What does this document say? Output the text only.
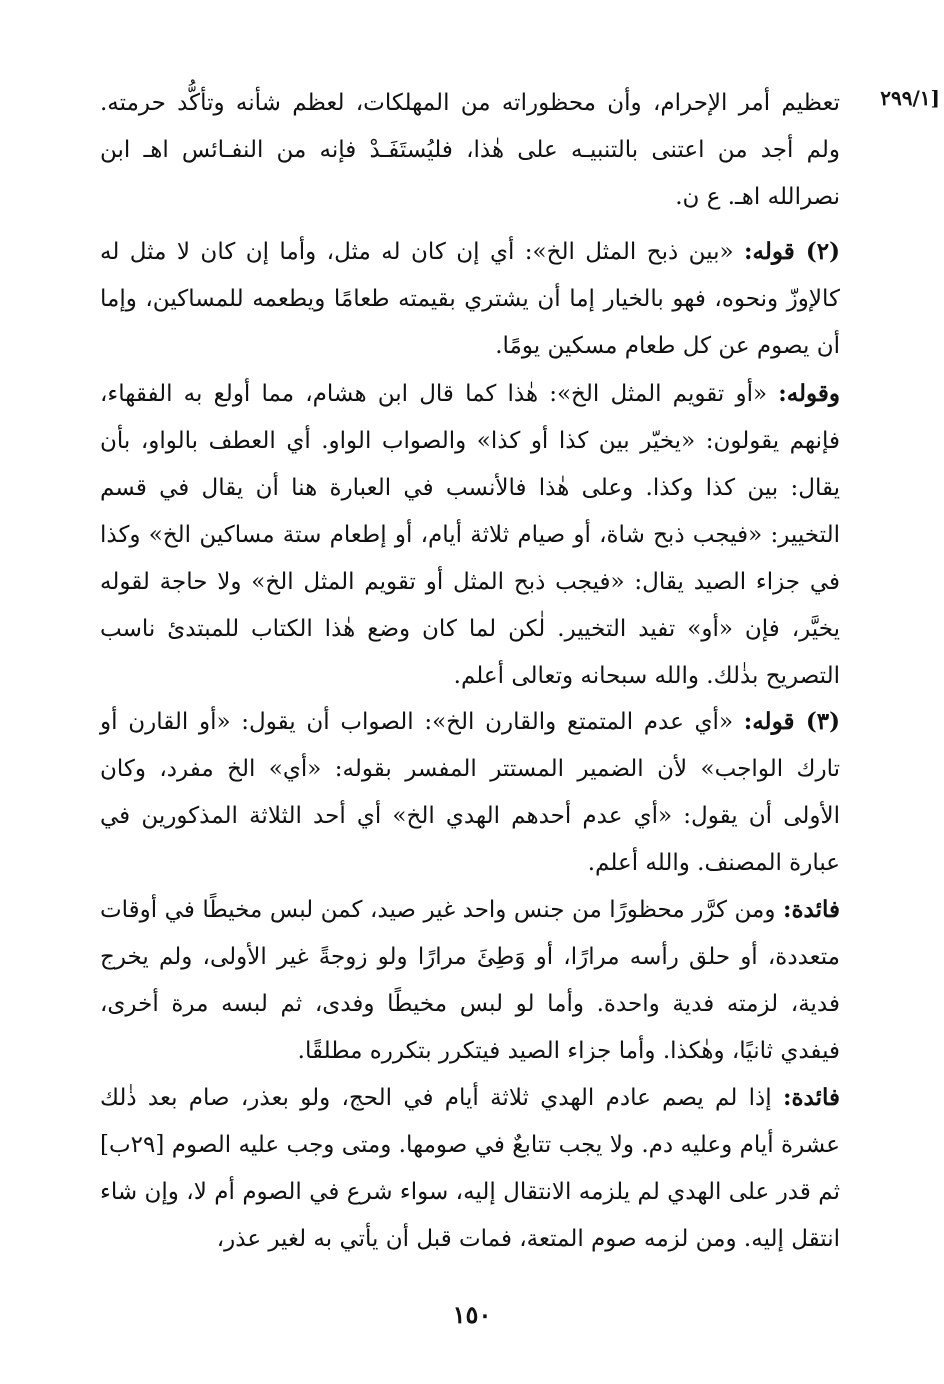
[٢٩٩/١

تعظيم أمر الإحرام، وأن محظوراته من المهلكات، لعظم شأنه وتأكُّد حرمته. ولم أجد من اعتنى بالتنبيـه على هٰذا، فليُستَفَـدْ فإنه من النفـائس اهـ ابن نصرالله اهـ. ع ن.

(٢) قوله: «بين ذبح المثل الخ»: أي إن كان له مثل، وأما إن كان لا مثل له كالإوزّ ونحوه، فهو بالخيار إما أن يشتري بقيمته طعامًا ويطعمه للمساكين، وإما أن يصوم عن كل طعام مسكين يومًا.

وقوله: «أو تقويم المثل الخ»: هٰذا كما قال ابن هشام، مما أولع به الفقهاء، فإنهم يقولون: «يخيّر بين كذا أو كذا» والصواب الواو. أي العطف بالواو، بأن يقال: بين كذا وكذا. وعلى هٰذا فالأنسب في العبارة هنا أن يقال في قسم التخيير: «فيجب ذبح شاة، أو صيام ثلاثة أيام، أو إطعام ستة مساكين الخ» وكذا في جزاء الصيد يقال: «فيجب ذبح المثل أو تقويم المثل الخ» ولا حاجة لقوله يخيَّر، فإن «أو» تفيد التخيير. لٰكن لما كان وضع هٰذا الكتاب للمبتدئ ناسب التصريح بذٰلك. والله سبحانه وتعالى أعلم.

(٣) قوله: «أي عدم المتمتع والقارن الخ»: الصواب أن يقول: «أو القارن أو تارك الواجب» لأن الضمير المستتر المفسر بقوله: «أي» الخ مفرد، وكان الأولى أن يقول: «أي عدم أحدهم الهدي الخ» أي أحد الثلاثة المذكورين في عبارة المصنف. والله أعلم.

فائدة: ومن كرَّر محظورًا من جنس واحد غير صيد، كمن لبس مخيطًا في أوقات متعددة، أو حلق رأسه مرارًا، أو وَطِئَ مرارًا ولو زوجةً غير الأولى، ولم يخرج فدية، لزمته فدية واحدة. وأما لو لبس مخيطًا وفدى، ثم لبسه مرة أخرى، فيفدي ثانيًا، وهٰكذا. وأما جزاء الصيد فيتكرر بتكرره مطلقًا.

فائدة: إذا لم يصم عادم الهدي ثلاثة أيام في الحج، ولو بعذر، صام بعد ذٰلك عشرة أيام وعليه دم. ولا يجب تتابعٌ في صومها. ومتى وجب عليه الصوم [٢٩ب] ثم قدر على الهدي لم يلزمه الانتقال إليه، سواء شرع في الصوم أم لا، وإن شاء انتقل إليه. ومن لزمه صوم المتعة، فمات قبل أن يأتي به لغير عذر،

١٥٠
